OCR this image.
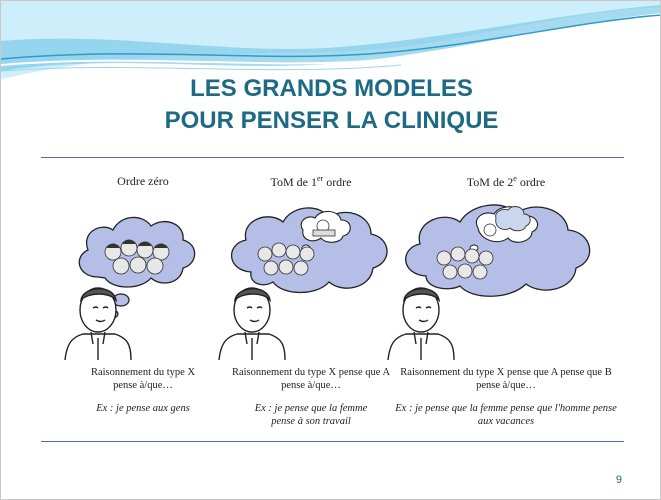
LES GRANDS MODELES
POUR PENSER LA CLINIQUE
Ordre zéro
Raisonnement du type X
pense à/que…
Ex : je pense aux gens
ToM de 1er ordre
Raisonnement du type X pense que A
pense à/que…
Ex : je pense que la femme
pense à son travail
ToM de 2e ordre
Raisonnement du type X pense que A pense que B
pense à/que…
Ex : je pense que la femme pense que l'homme pense
aux vacances
9
